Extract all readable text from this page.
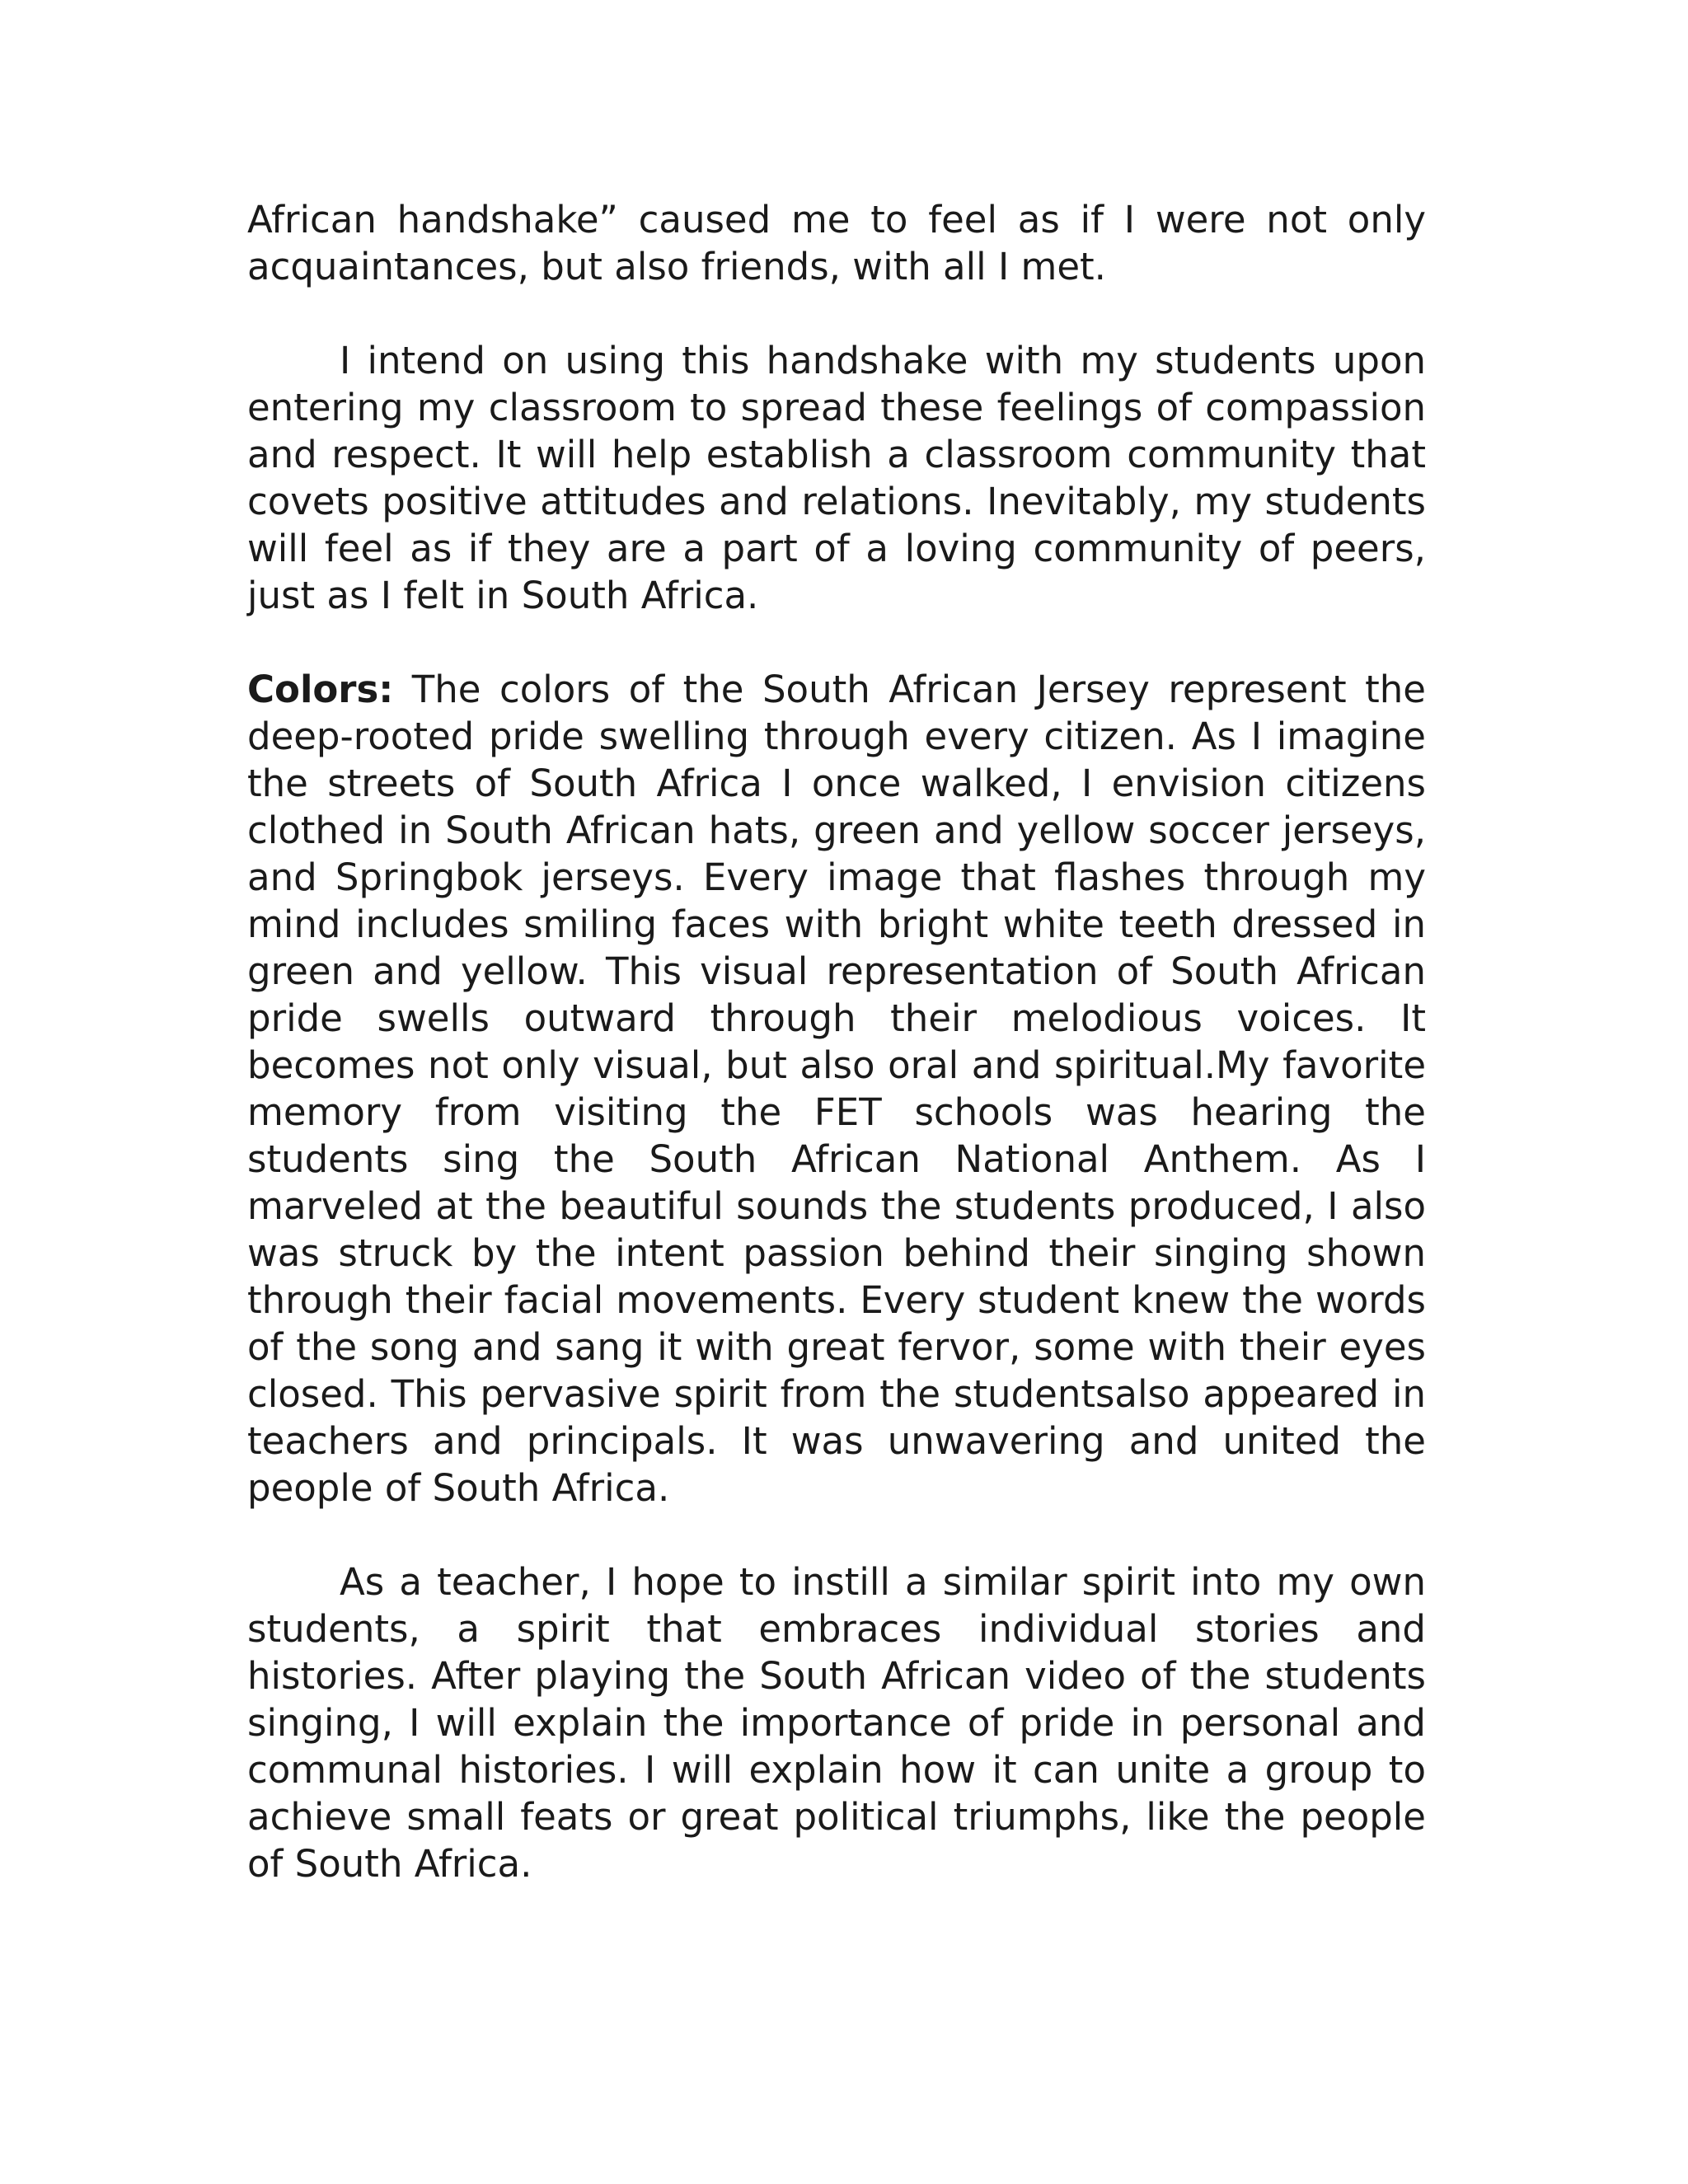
African handshake” caused me to feel as if I were not only acquaintances, but also friends, with all I met.

I intend on using this handshake with my students upon entering my classroom to spread these feelings of compassion and respect. It will help establish a classroom community that covets positive attitudes and relations. Inevitably, my students will feel as if they are a part of a loving community of peers, just as I felt in South Africa.

Colors: The colors of the South African Jersey represent the deep-rooted pride swelling through every citizen. As I imagine the streets of South Africa I once walked, I envision citizens clothed in South African hats, green and yellow soccer jerseys, and Springbok jerseys. Every image that flashes through my mind includes smiling faces with bright white teeth dressed in green and yellow. This visual representation of South African pride swells outward through their melodious voices. It becomes not only visual, but also oral and spiritual.My favorite memory from visiting the FET schools was hearing the students sing the South African National Anthem. As I marveled at the beautiful sounds the students produced, I also was struck by the intent passion behind their singing shown through their facial movements. Every student knew the words of the song and sang it with great fervor, some with their eyes closed. This pervasive spirit from the studentsalso appeared in teachers and principals. It was unwavering and united the people of South Africa.

As a teacher, I hope to instill a similar spirit into my own students, a spirit that embraces individual stories and histories. After playing the South African video of the students singing, I will explain the importance of pride in personal and communal histories. I will explain how it can unite a group to achieve small feats or great political triumphs, like the people of South Africa.
